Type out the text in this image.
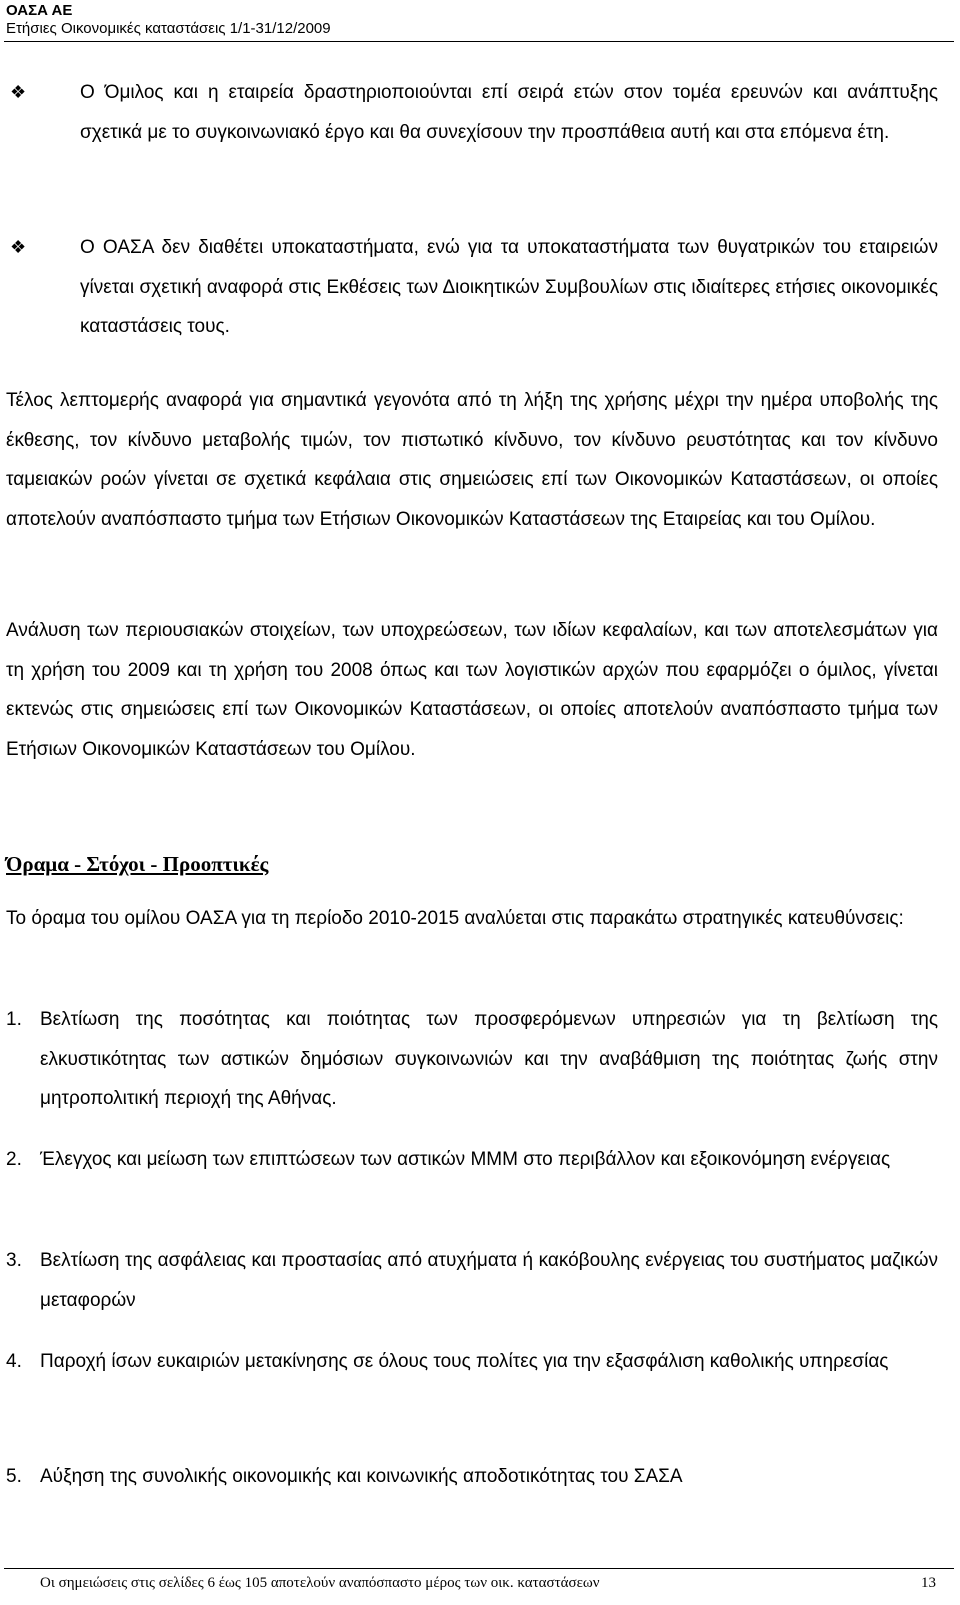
ΟΑΣΑ ΑΕ
Ετήσιες Οικονομικές καταστάσεις 1/1-31/12/2009
❖	Ο Όμιλος και η εταιρεία δραστηριοποιούνται επί σειρά ετών στον τομέα ερευνών και ανάπτυξης σχετικά με το συγκοινωνιακό έργο και θα συνεχίσουν την προσπάθεια αυτή και στα επόμενα έτη.
❖	Ο ΟΑΣΑ δεν διαθέτει υποκαταστήματα, ενώ για τα υποκαταστήματα των θυγατρικών του εταιρειών γίνεται σχετική αναφορά στις Εκθέσεις των Διοικητικών Συμβουλίων στις ιδιαίτερες ετήσιες οικονομικές καταστάσεις τους.
Τέλος λεπτομερής αναφορά για σημαντικά γεγονότα από τη λήξη της χρήσης μέχρι την ημέρα υποβολής της έκθεσης, τον κίνδυνο μεταβολής τιμών, τον πιστωτικό κίνδυνο, τον κίνδυνο ρευστότητας και τον κίνδυνο ταμειακών ροών γίνεται σε σχετικά κεφάλαια στις σημειώσεις επί των Οικονομικών Καταστάσεων, οι οποίες αποτελούν αναπόσπαστο τμήμα των Ετήσιων Οικονομικών Καταστάσεων της Εταιρείας και του Ομίλου.
Ανάλυση των περιουσιακών στοιχείων, των υποχρεώσεων, των ιδίων κεφαλαίων, και των αποτελεσμάτων για τη χρήση του 2009 και τη χρήση του 2008 όπως και των λογιστικών αρχών που εφαρμόζει ο όμιλος, γίνεται εκτενώς στις σημειώσεις επί των Οικονομικών Καταστάσεων, οι οποίες αποτελούν αναπόσπαστο τμήμα των Ετήσιων Οικονομικών Καταστάσεων του Ομίλου.
Όραμα - Στόχοι - Προοπτικές
Το όραμα του ομίλου ΟΑΣΑ για τη περίοδο 2010-2015 αναλύεται στις παρακάτω στρατηγικές κατευθύνσεις:
1. Βελτίωση της ποσότητας και ποιότητας των προσφερόμενων υπηρεσιών για τη βελτίωση της ελκυστικότητας των αστικών δημόσιων συγκοινωνιών και την αναβάθμιση της ποιότητας ζωής στην μητροπολιτική περιοχή της Αθήνας.
2. Έλεγχος και μείωση των επιπτώσεων των αστικών ΜΜΜ στο περιβάλλον και εξοικονόμηση ενέργειας
3. Βελτίωση της ασφάλειας και προστασίας από ατυχήματα ή κακόβουλης ενέργειας του συστήματος μαζικών μεταφορών
4. Παροχή ίσων ευκαιριών μετακίνησης σε όλους τους πολίτες για την εξασφάλιση καθολικής υπηρεσίας
5. Αύξηση της συνολικής οικονομικής και κοινωνικής αποδοτικότητας του ΣΑΣΑ
Οι σημειώσεις στις σελίδες 6 έως 105 αποτελούν αναπόσπαστο μέρος των οικ. καταστάσεων	13
